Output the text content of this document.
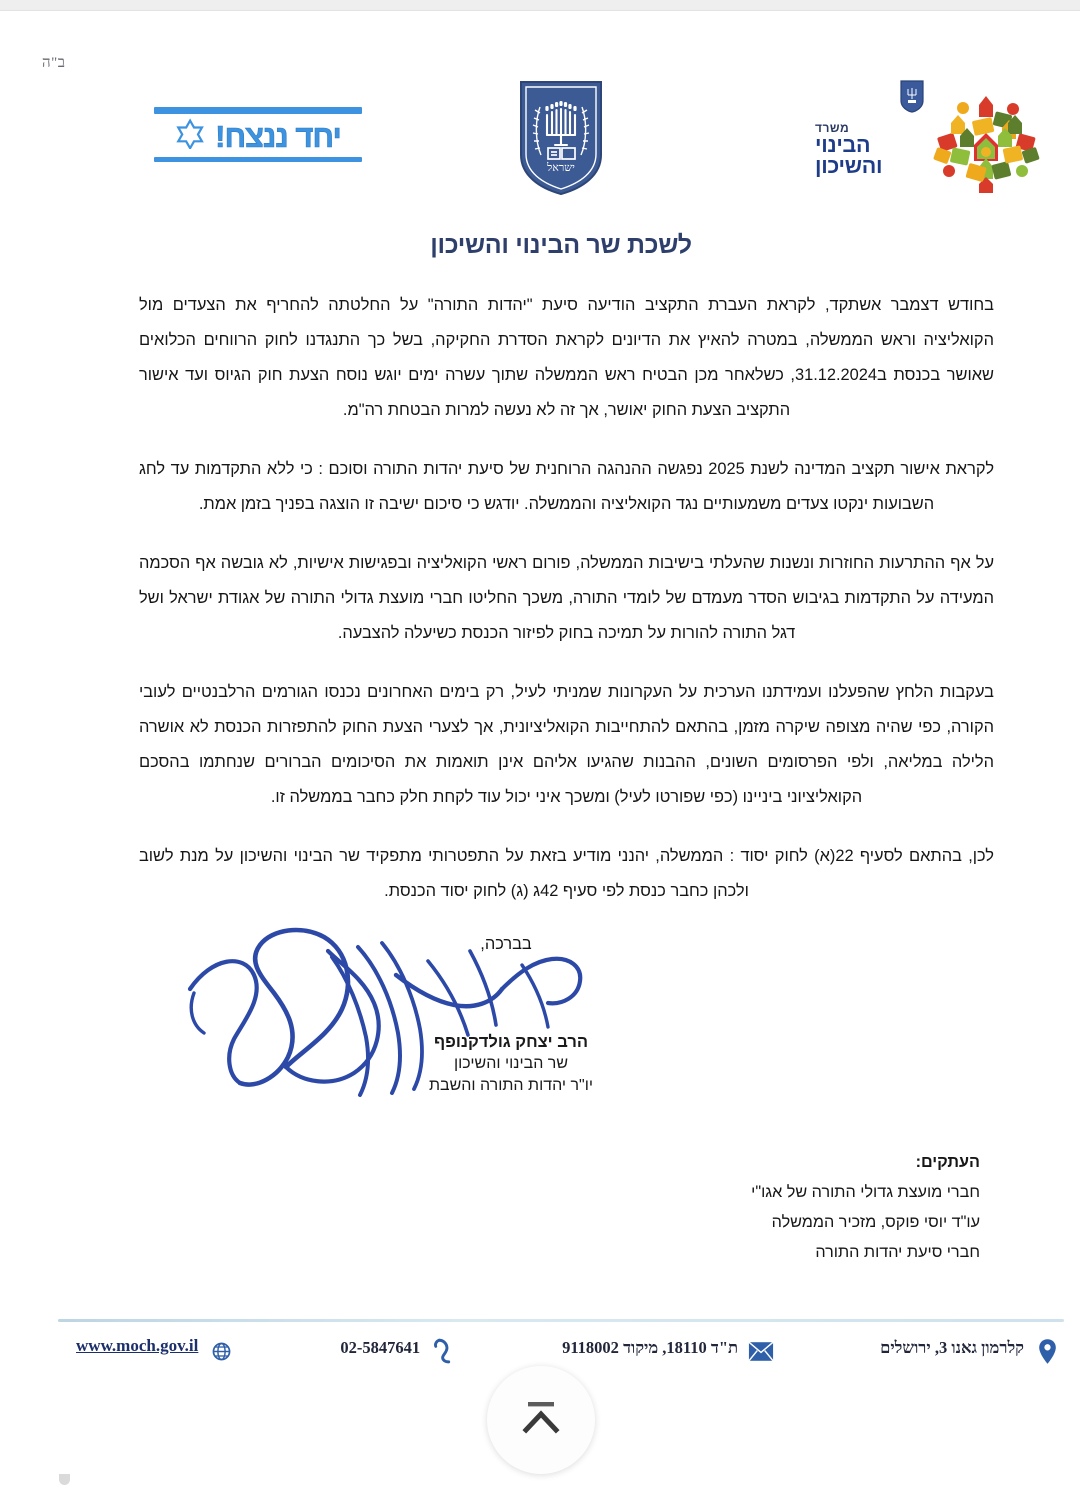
ב"ה
משרד
הבינוי
והשיכון
ישראל
יחד ננצח!
לשכת שר הבינוי והשיכון

בחודש דצמבר אשתקד, לקראת העברת התקציב הודיעה סיעת "יהדות התורה" על החלטתה להחריף את הצעדים מול הקואליציה וראש הממשלה, במטרה להאיץ את הדיונים לקראת הסדרת החקיקה, בשל כך התנגדנו לחוק הרווחים הכלואים שאושר בכנסת ב31.12.2024, כשלאחר מכן הבטיח ראש הממשלה שתוך עשרה ימים יוגש נוסח הצעת חוק הגיוס ועד אישור התקציב הצעת החוק יאושר, אך זה לא נעשה למרות הבטחת רה"מ.

לקראת אישור תקציב המדינה לשנת 2025 נפגשה ההנהגה הרוחנית של סיעת יהדות התורה וסוכם : כי ללא התקדמות עד לחג השבועות ינקטו צעדים משמעותיים נגד הקואליציה והממשלה. יודגש כי סיכום ישיבה זו הוצגה בפניך בזמן אמת.

על אף ההתרעות החוזרות ונשנות שהעלתי בישיבות הממשלה, פורום ראשי הקואליציה ובפגישות אישיות, לא גובשה אף הסכמה המעידה על התקדמות בגיבוש הסדר מעמדם של לומדי התורה, משכך החליטו חברי מועצת גדולי התורה של אגודת ישראל ושל דגל התורה להורות על תמיכה בחוק לפיזור הכנסת כשיעלה להצבעה.

בעקבות הלחץ שהפעלנו ועמידתנו הערכית על העקרונות שמניתי לעיל, רק בימים האחרונים נכנסו הגורמים הרלבנטיים לעובי הקורה, כפי שהיה מצופה שיקרה מזמן, בהתאם להתחייבות הקואליציונית, אך לצערי הצעת החוק להתפזרות הכנסת לא אושרה הלילה במליאה, ולפי הפרסומים השונים, ההבנות שהגיעו אליהם אינן תואמות את הסיכומים הברורים שנחתמו בהסכם הקואליציוני ביניינו (כפי שפורטו לעיל) ומשכך איני יכול עוד לקחת חלק כחבר בממשלה זו.

לכן, בהתאם לסעיף 22(א) לחוק יסוד : הממשלה, יהנני מודיע בזאת על התפטרותי מתפקיד שר הבינוי והשיכון על מנת לשוב ולכהן כחבר כנסת לפי סעיף 42ג (ג) לחוק יסוד הכנסת.

בברכה,
הרב יצחק גולדקנופף
שר הבינוי והשיכון
יו"ר יהדות התורה והשבת
העתקים:
חברי מועצת גדולי התורה של אגו"י
עו"ד יוסי פוקס, מזכיר הממשלה
חברי סיעת יהדות התורה
קלרמון גאנו 3, ירושלים
ת"ד 18110, מיקוד 9118002
02-5847641
www.moch.gov.il
